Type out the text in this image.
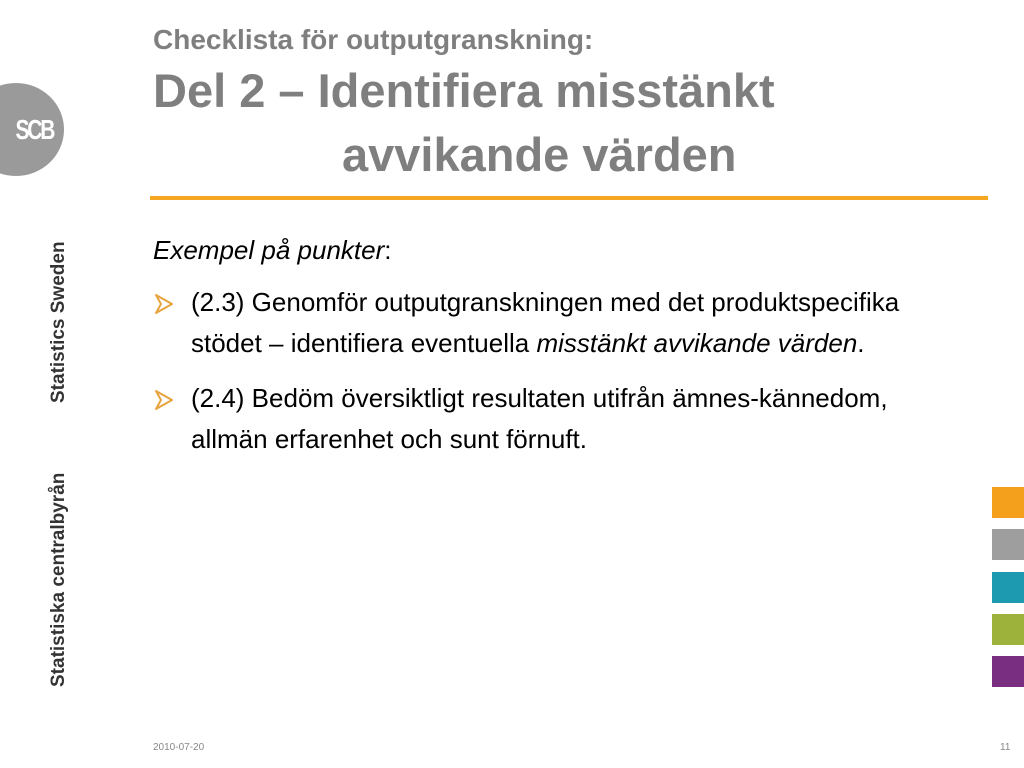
SCB
Statistics Sweden
Statistiska centralbyrån
Checklista för outputgranskning:
Del 2 – Identifiera misstänkt
avvikande värden

Exempel på punkter:

(2.3) Genomför outputgranskningen med det produktspecifika stödet – identifiera eventuella misstänkt avvikande värden.
(2.4) Bedöm översiktligt resultaten utifrån ämnes-kännedom, allmän erfarenhet och sunt förnuft.
2010-07-20	11
